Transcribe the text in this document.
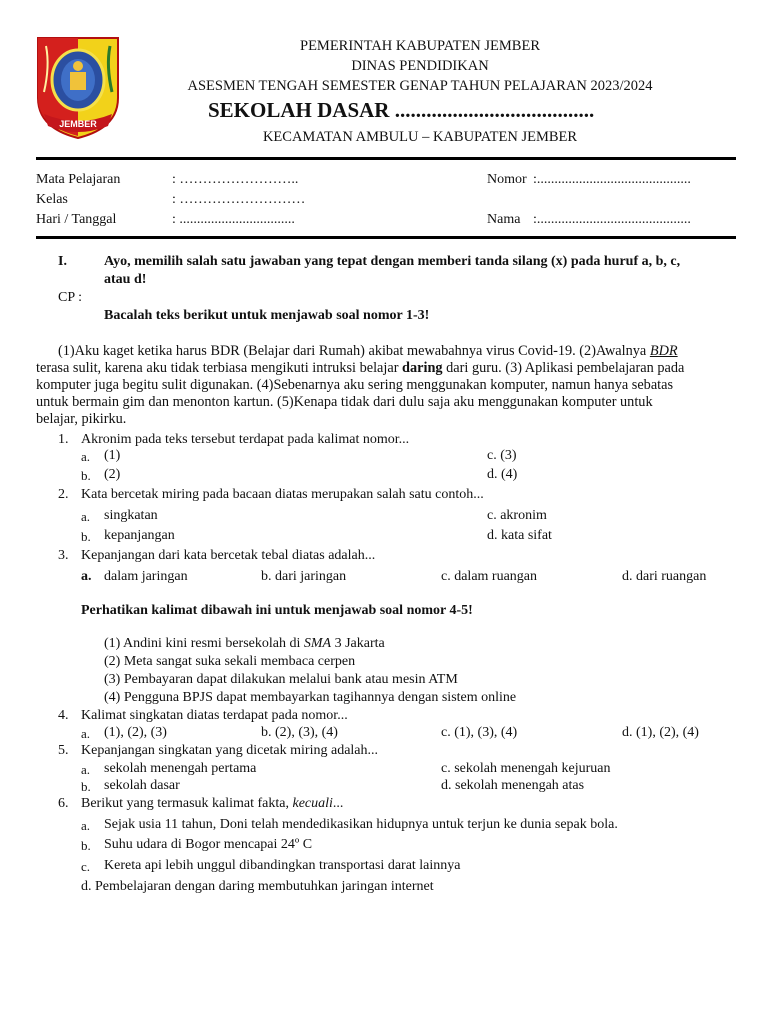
JEMBER
PEMERINTAH KABUPATEN JEMBER
DINAS PENDIDIKAN
ASESMEN TENGAH SEMESTER GENAP TAHUN PELAJARAN 2023/2024
SEKOLAH DASAR ......................................
KECAMATAN AMBULU – KABUPATEN JEMBER
Mata Pelajaran	: ……………………..
Kelas	: ………………………
Hari / Tanggal	: .................................
Nomor :............................................
Nama :............................................
I.	Ayo, memilih salah satu jawaban yang tepat dengan memberi tanda silang (x) pada huruf a, b, c,
atau d!
CP :
Bacalah teks berikut untuk menjawab soal nomor 1-3!
(1)Aku kaget ketika harus BDR (Belajar dari Rumah) akibat mewabahnya virus Covid-19. (2)Awalnya BDR
terasa sulit, karena aku tidak terbiasa mengikuti intruksi belajar daring dari guru. (3) Aplikasi pembelajaran pada
komputer juga begitu sulit digunakan. (4)Sebenarnya aku sering menggunakan komputer, namun hanya sebatas
untuk bermain gim dan menonton kartun. (5)Kenapa tidak dari dulu saja aku menggunakan komputer untuk
belajar, pikirku.
1. Akronim pada teks tersebut terdapat pada kalimat nomor...
a. (1)
b. (2)
c. (3)
d. (4)
2. Kata bercetak miring pada bacaan diatas merupakan salah satu contoh...
a. singkatan
b. kepanjangan
c. akronim
d. kata sifat
3. Kepanjangan dari kata bercetak tebal diatas adalah...
a. dalam jaringan	b. dari jaringan	c. dalam ruangan	d. dari ruangan
Perhatikan kalimat dibawah ini untuk menjawab soal nomor 4-5!
(1) Andini kini resmi bersekolah di SMA 3 Jakarta
(2) Meta sangat suka sekali membaca cerpen
(3) Pembayaran dapat dilakukan melalui bank atau mesin ATM
(4) Pengguna BPJS dapat membayarkan tagihannya dengan sistem online
4. Kalimat singkatan diatas terdapat pada nomor...
a. (1), (2), (3)	b. (2), (3), (4)	c. (1), (3), (4)	d. (1), (2), (4)
5. Kepanjangan singkatan yang dicetak miring adalah...
a. sekolah menengah pertama
b. sekolah dasar
c. sekolah menengah kejuruan
d. sekolah menengah atas
6. Berikut yang termasuk kalimat fakta, kecuali...
a. Sejak usia 11 tahun, Doni telah mendedikasikan hidupnya untuk terjun ke dunia sepak bola.
b. Suhu udara di Bogor mencapai 24º C
c. Kereta api lebih unggul dibandingkan transportasi darat lainnya
d. Pembelajaran dengan daring membutuhkan jaringan internet
